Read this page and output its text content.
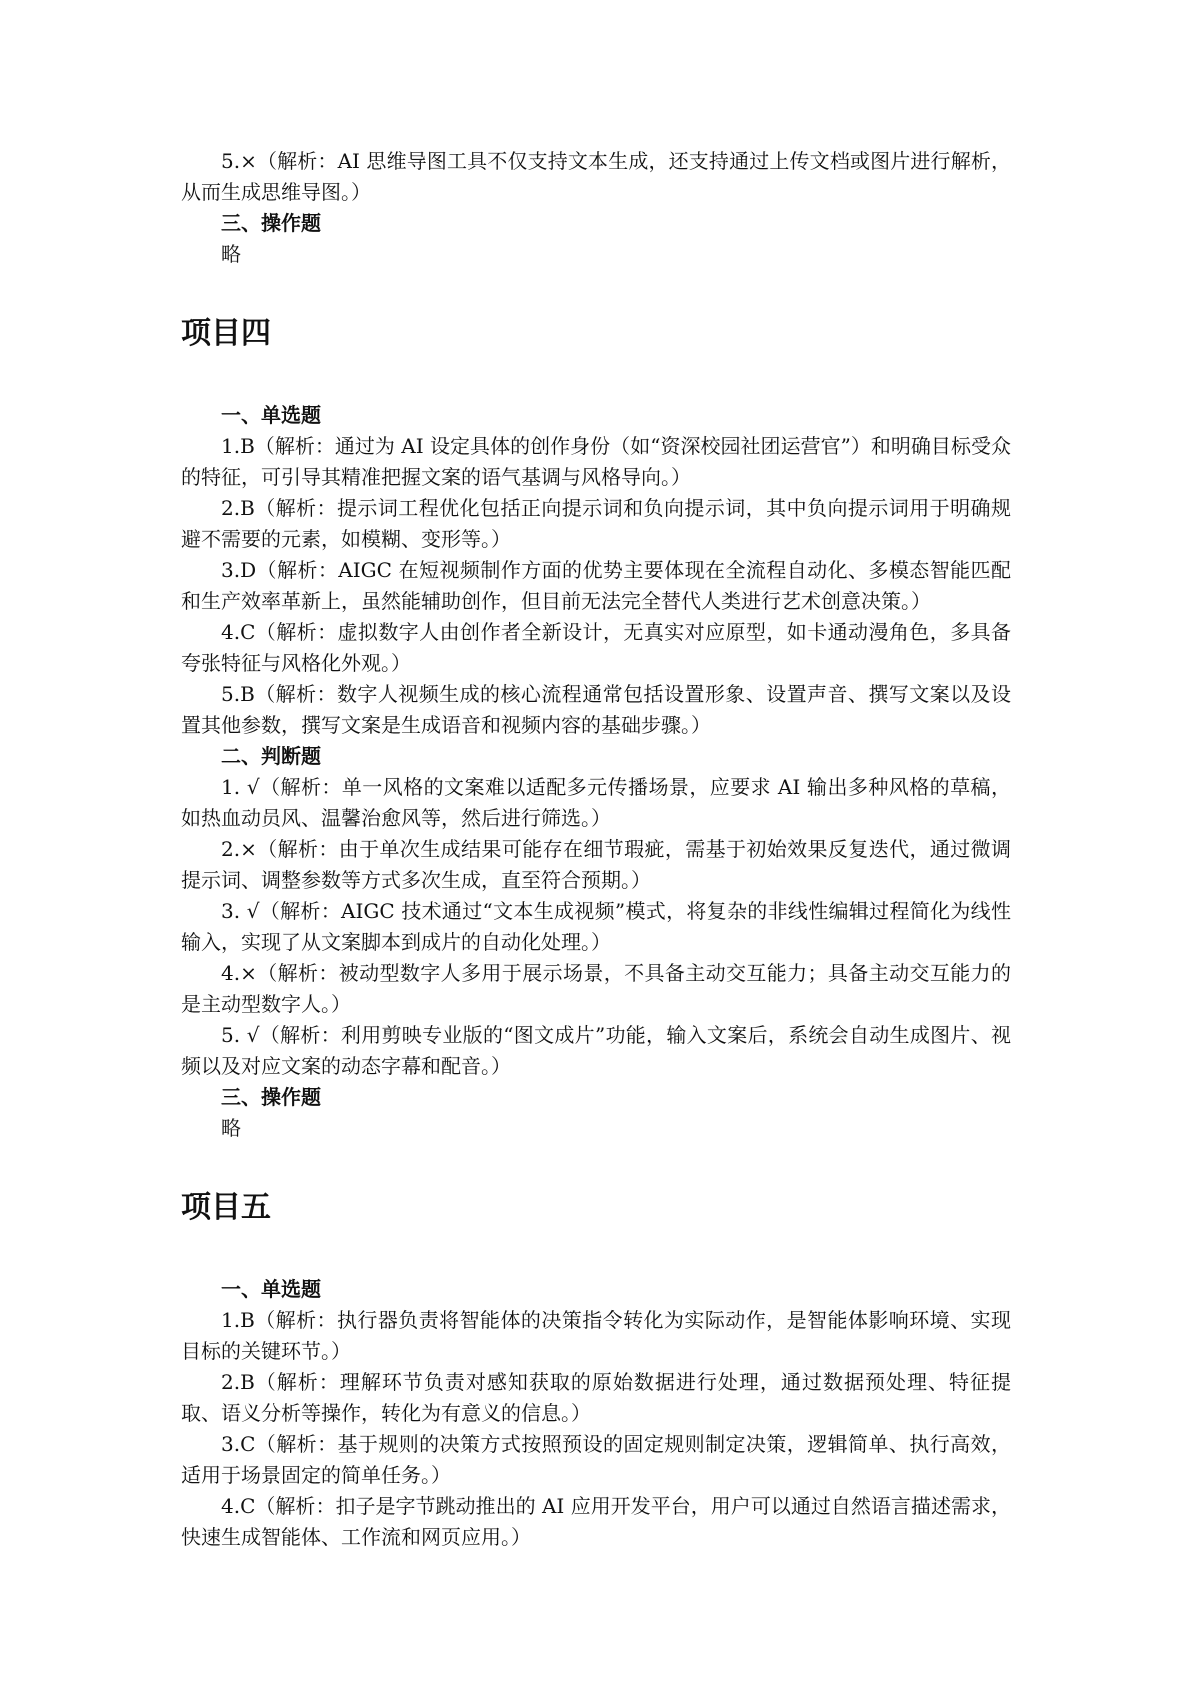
5.×（解析：AI 思维导图工具不仅支持文本生成，还支持通过上传文档或图片进行解析，从而生成思维导图。）

三、操作题

略

项目四

一、单选题

1.B（解析：通过为 AI 设定具体的创作身份（如“资深校园社团运营官”）和明确目标受众的特征，可引导其精准把握文案的语气基调与风格导向。）

2.B（解析：提示词工程优化包括正向提示词和负向提示词，其中负向提示词用于明确规避不需要的元素，如模糊、变形等。）

3.D（解析：AIGC 在短视频制作方面的优势主要体现在全流程自动化、多模态智能匹配和生产效率革新上，虽然能辅助创作，但目前无法完全替代人类进行艺术创意决策。）

4.C（解析：虚拟数字人由创作者全新设计，无真实对应原型，如卡通动漫角色，多具备夸张特征与风格化外观。）

5.B（解析：数字人视频生成的核心流程通常包括设置形象、设置声音、撰写文案以及设置其他参数，撰写文案是生成语音和视频内容的基础步骤。）

二、判断题

1. √（解析：单一风格的文案难以适配多元传播场景，应要求 AI 输出多种风格的草稿，如热血动员风、温馨治愈风等，然后进行筛选。）

2.×（解析：由于单次生成结果可能存在细节瑕疵，需基于初始效果反复迭代，通过微调提示词、调整参数等方式多次生成，直至符合预期。）

3. √（解析：AIGC 技术通过“文本生成视频”模式，将复杂的非线性编辑过程简化为线性输入，实现了从文案脚本到成片的自动化处理。）

4.×（解析：被动型数字人多用于展示场景，不具备主动交互能力；具备主动交互能力的是主动型数字人。）

5. √（解析：利用剪映专业版的“图文成片”功能，输入文案后，系统会自动生成图片、视频以及对应文案的动态字幕和配音。）

三、操作题

略

项目五

一、单选题

1.B（解析：执行器负责将智能体的决策指令转化为实际动作，是智能体影响环境、实现目标的关键环节。）

2.B（解析：理解环节负责对感知获取的原始数据进行处理，通过数据预处理、特征提取、语义分析等操作，转化为有意义的信息。）

3.C（解析：基于规则的决策方式按照预设的固定规则制定决策，逻辑简单、执行高效，适用于场景固定的简单任务。）

4.C（解析：扣子是字节跳动推出的 AI 应用开发平台，用户可以通过自然语言描述需求，快速生成智能体、工作流和网页应用。）
